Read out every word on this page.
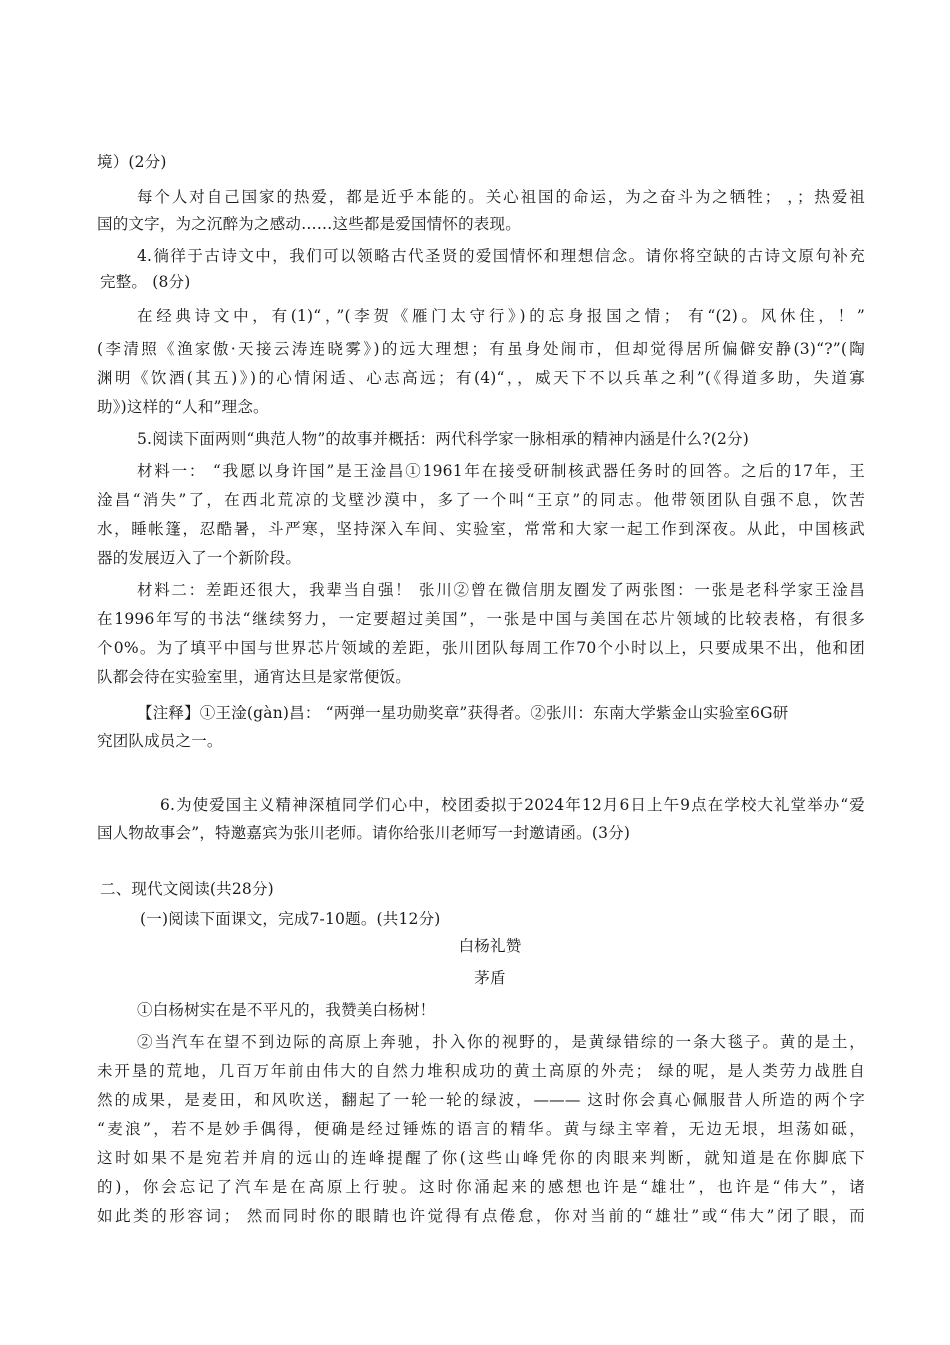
境）(2分)
每个人对自己国家的热爱，都是近乎本能的。关心祖国的命运，为之奋斗为之牺牲； ，；热爱祖
国的文字，为之沉醉为之感动……这些都是爱国情怀的表现。
4.徜徉于古诗文中，我们可以领略古代圣贤的爱国情怀和理想信念。请你将空缺的古诗文原句补充
完整。 (8分)
在经典诗文中，有(1)“，”(李贺《雁门太守行》)的忘身报国之情； 有“(2)。风休住，！”
(李清照《渔家傲·天接云涛连晓雾》)的远大理想；有虽身处闹市，但却觉得居所偏僻安静(3)“?”(陶
渊明《饮酒(其五)》)的心情闲适、心志高远；有(4)“，，威天下不以兵革之利”(《得道多助，失道寡
助》)这样的“人和”理念。
5.阅读下面两则“典范人物”的故事并概括：两代科学家一脉相承的精神内涵是什么?(2分)
材料一： “我愿以身许国”是王淦昌①1961年在接受研制核武器任务时的回答。之后的17年，王
淦昌“消失”了，在西北荒凉的戈壁沙漠中，多了一个叫“王京”的同志。他带领团队自强不息，饮苦
水，睡帐篷，忍酷暑，斗严寒，坚持深入车间、实验室，常常和大家一起工作到深夜。从此，中国核武
器的发展迈入了一个新阶段。
材料二：差距还很大，我辈当自强！ 张川②曾在微信朋友圈发了两张图：一张是老科学家王淦昌
在1996年写的书法“继续努力，一定要超过美国”，一张是中国与美国在芯片领域的比较表格，有很多
个0%。为了填平中国与世界芯片领域的差距，张川团队每周工作70个小时以上，只要成果不出，他和团
队都会待在实验室里，通宵达旦是家常便饭。
【注释】①王淦(gàn)昌： “两弹一星功勋奖章”获得者。②张川：东南大学紫金山实验室6G研
究团队成员之一。
6.为使爱国主义精神深植同学们心中，校团委拟于2024年12月6日上午9点在学校大礼堂举办“爱
国人物故事会”，特邀嘉宾为张川老师。请你给张川老师写一封邀请函。(3分)
二、现代文阅读(共28分)
(一)阅读下面课文，完成7-10题。(共12分)
白杨礼赞
茅盾
①白杨树实在是不平凡的，我赞美白杨树！
②当汽车在望不到边际的高原上奔驰，扑入你的视野的，是黄绿错综的一条大毯子。黄的是土，
未开垦的荒地，几百万年前由伟大的自然力堆积成功的黄土高原的外壳； 绿的呢，是人类劳力战胜自
然的成果，是麦田，和风吹送，翻起了一轮一轮的绿波，——— 这时你会真心佩服昔人所造的两个字
“麦浪”，若不是妙手偶得，便确是经过锤炼的语言的精华。黄与绿主宰着，无边无垠，坦荡如砥，
这时如果不是宛若并肩的远山的连峰提醒了你(这些山峰凭你的肉眼来判断，就知道是在你脚底下
的)，你会忘记了汽车是在高原上行驶。这时你涌起来的感想也许是“雄壮”，也许是“伟大”，诸
如此类的形容词； 然而同时你的眼睛也许觉得有点倦怠，你对当前的“雄壮”或“伟大”闭了眼，而
